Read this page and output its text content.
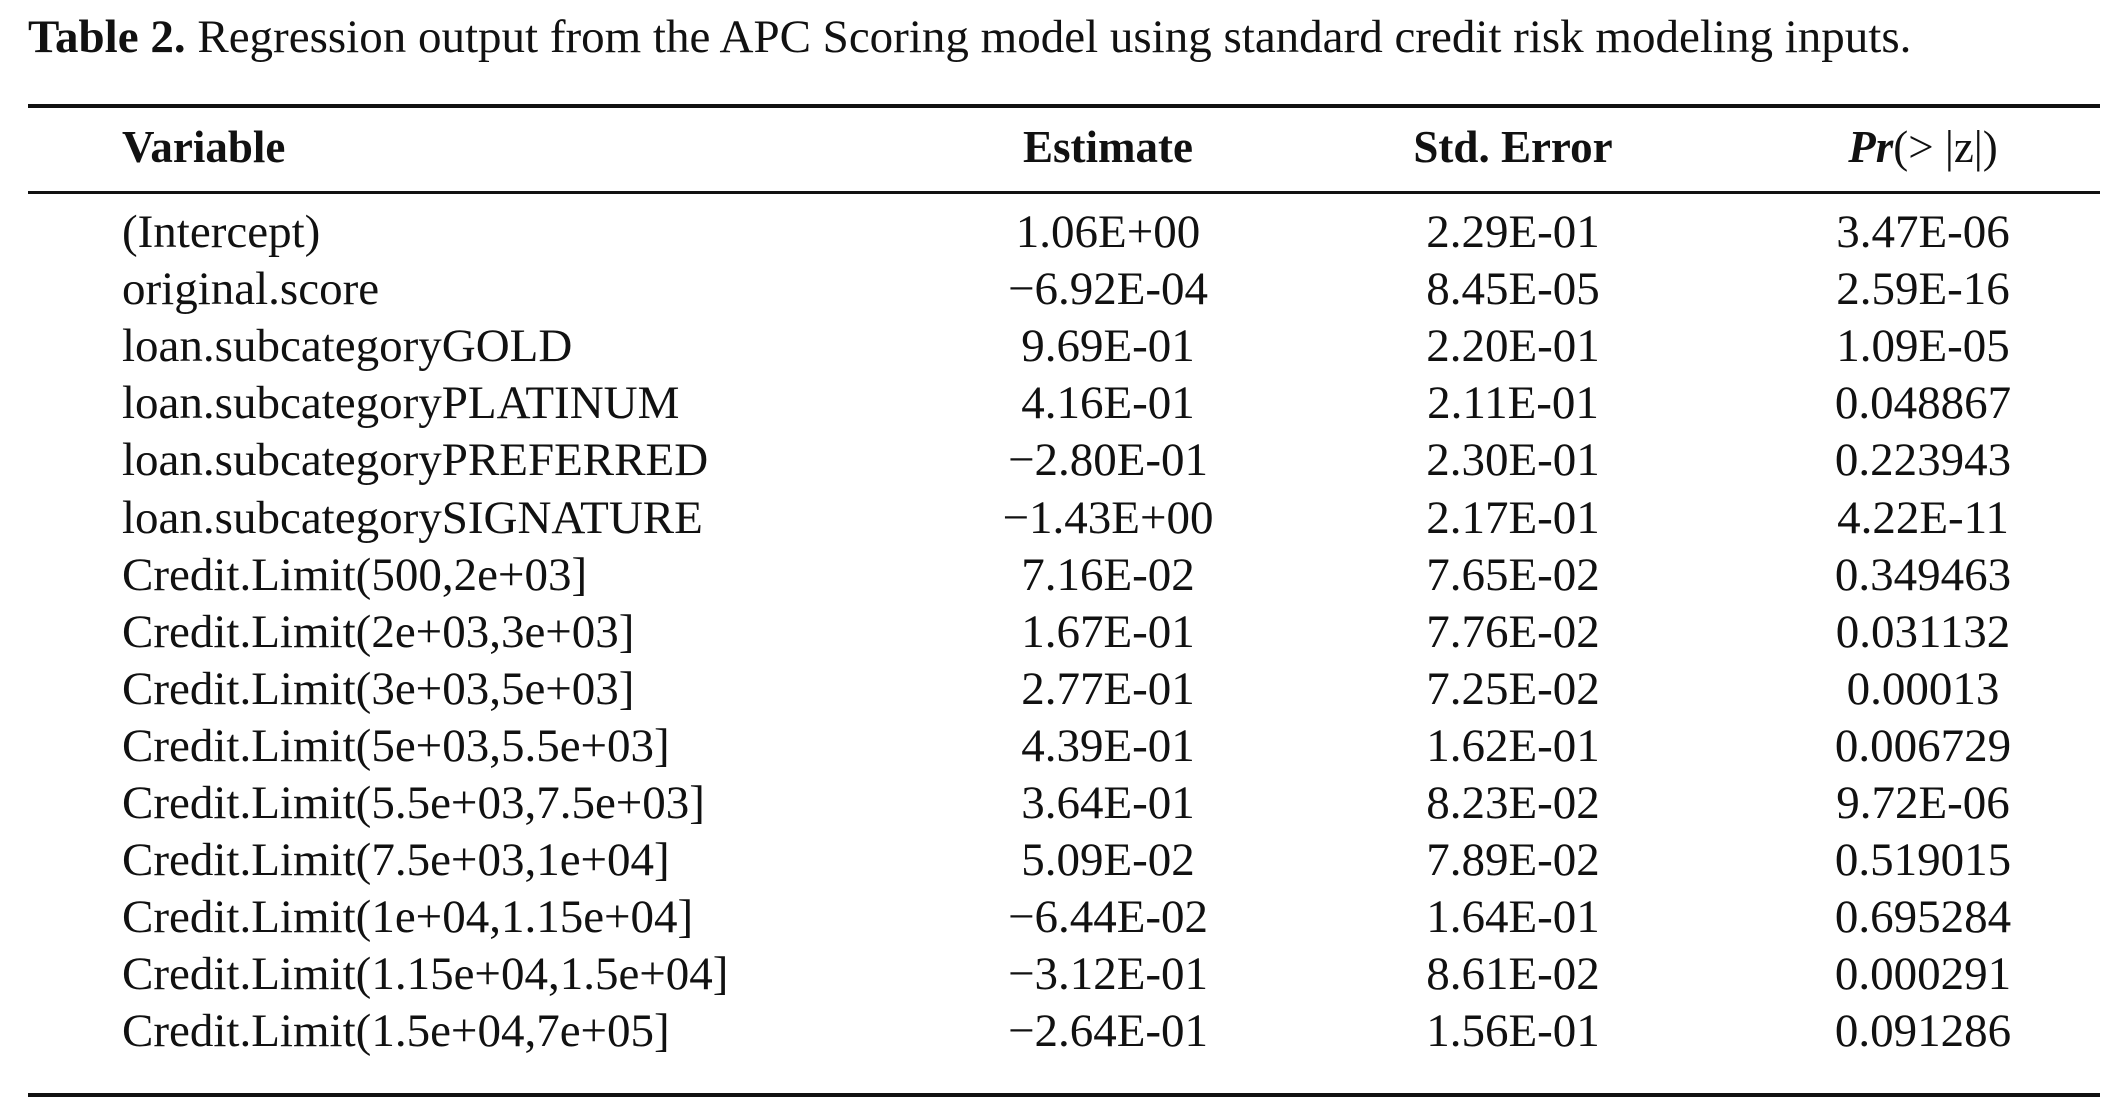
Table 2. Regression output from the APC Scoring model using standard credit risk modeling inputs.
Variable	Estimate	Std. Error	Pr(> |z|)
(Intercept)	1.06E+00	2.29E-01	3.47E-06
original.score	−6.92E-04	8.45E-05	2.59E-16
loan.subcategoryGOLD	9.69E-01	2.20E-01	1.09E-05
loan.subcategoryPLATINUM	4.16E-01	2.11E-01	0.048867
loan.subcategoryPREFERRED	−2.80E-01	2.30E-01	0.223943
loan.subcategorySIGNATURE	−1.43E+00	2.17E-01	4.22E-11
Credit.Limit(500,2e+03]	7.16E-02	7.65E-02	0.349463
Credit.Limit(2e+03,3e+03]	1.67E-01	7.76E-02	0.031132
Credit.Limit(3e+03,5e+03]	2.77E-01	7.25E-02	0.00013
Credit.Limit(5e+03,5.5e+03]	4.39E-01	1.62E-01	0.006729
Credit.Limit(5.5e+03,7.5e+03]	3.64E-01	8.23E-02	9.72E-06
Credit.Limit(7.5e+03,1e+04]	5.09E-02	7.89E-02	0.519015
Credit.Limit(1e+04,1.15e+04]	−6.44E-02	1.64E-01	0.695284
Credit.Limit(1.15e+04,1.5e+04]	−3.12E-01	8.61E-02	0.000291
Credit.Limit(1.5e+04,7e+05]	−2.64E-01	1.56E-01	0.091286
